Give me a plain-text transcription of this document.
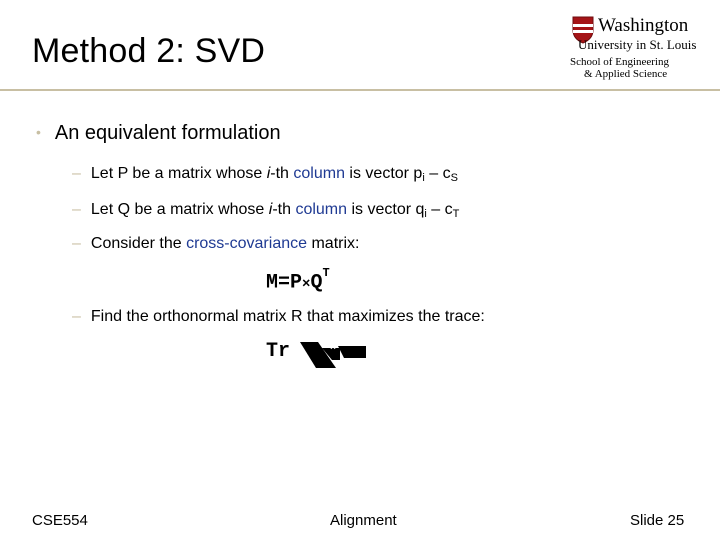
Method 2: SVD
Washington
University in St. Louis
School of Engineering
& Applied Science
• An equivalent formulation
– Let P be a matrix whose i-th column is vector pi – cS
– Let Q be a matrix whose i-th column is vector qi – cT
– Consider the cross-covariance matrix:
$M=P\times Q^T$
– Find the orthonormal matrix R that maximizes the trace:
Tr	×
CSE554	Alignment	Slide 25
